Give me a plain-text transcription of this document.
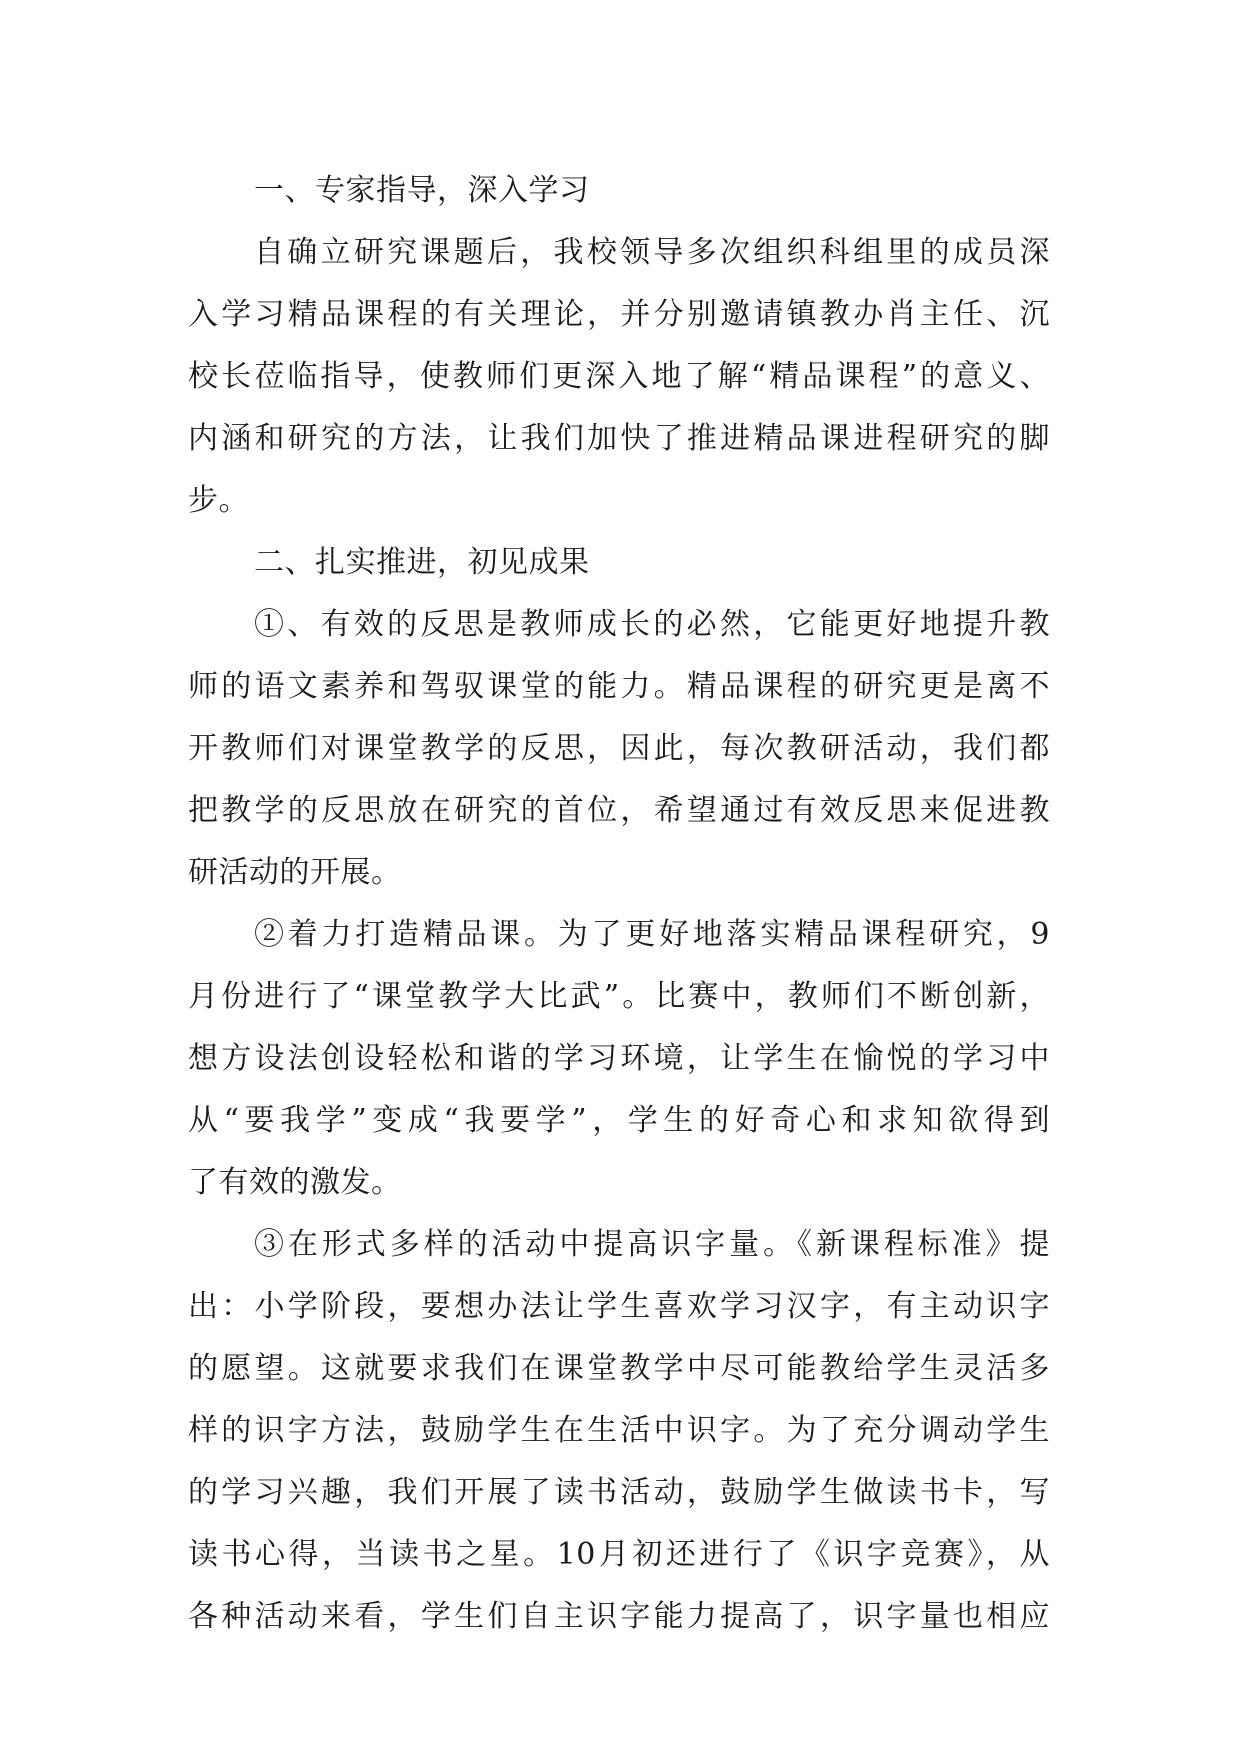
一、专家指导，深入学习
自确立研究课题后，我校领导多次组织科组里的成员深
入学习精品课程的有关理论，并分别邀请镇教办肖主任、沉
校长莅临指导，使教师们更深入地了解“精品课程”的意义、
内涵和研究的方法，让我们加快了推进精品课进程研究的脚
步。
二、扎实推进，初见成果
①、有效的反思是教师成长的必然，它能更好地提升教
师的语文素养和驾驭课堂的能力。精品课程的研究更是离不
开教师们对课堂教学的反思，因此，每次教研活动，我们都
把教学的反思放在研究的首位，希望通过有效反思来促进教
研活动的开展。
②着力打造精品课。为了更好地落实精品课程研究，9
月份进行了“课堂教学大比武”。比赛中，教师们不断创新，
想方设法创设轻松和谐的学习环境，让学生在愉悦的学习中
从“要我学”变成“我要学”，学生的好奇心和求知欲得到
了有效的激发。
③在形式多样的活动中提高识字量。《新课程标准》提
出：小学阶段，要想办法让学生喜欢学习汉字，有主动识字
的愿望。这就要求我们在课堂教学中尽可能教给学生灵活多
样的识字方法，鼓励学生在生活中识字。为了充分调动学生
的学习兴趣，我们开展了读书活动，鼓励学生做读书卡，写
读书心得，当读书之星。10月初还进行了《识字竞赛》，从
各种活动来看，学生们自主识字能力提高了，识字量也相应
